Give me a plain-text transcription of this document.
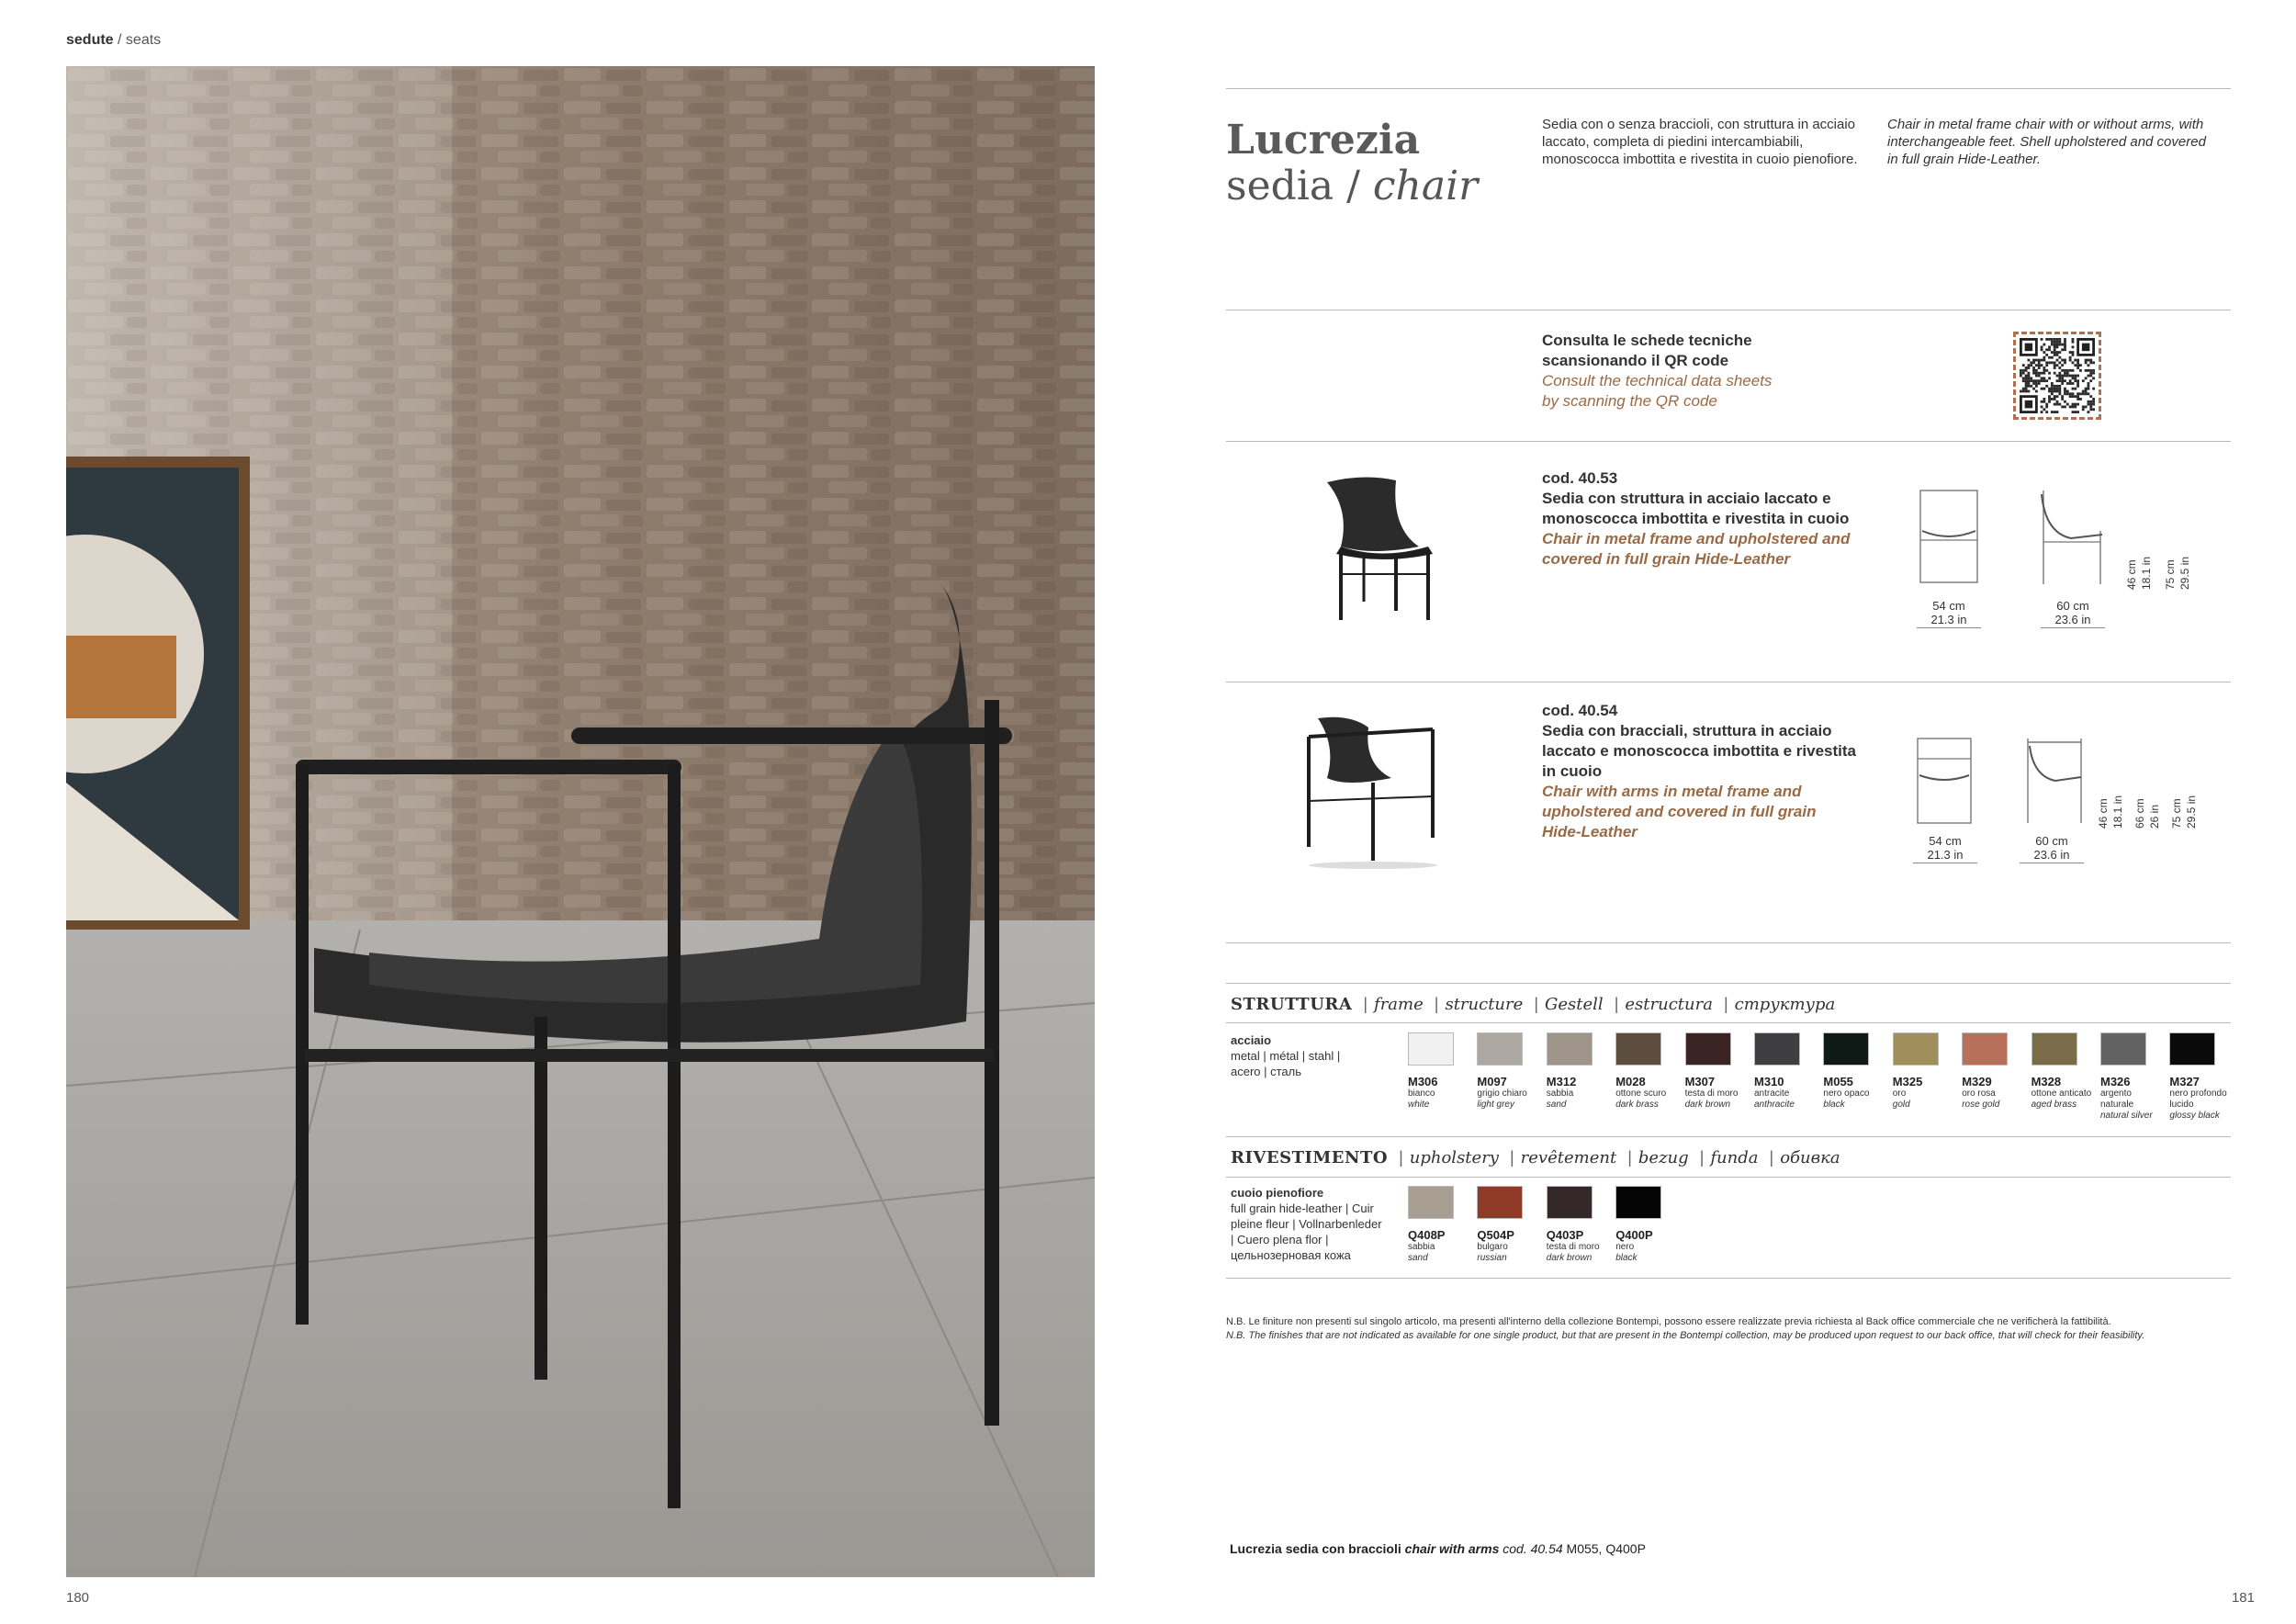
sedute / seats
Lucrezia
sedia / chair
Sedia con o senza braccioli, con struttura in acciaio laccato, completa di piedini intercambiabili, monoscocca imbottita e rivestita in cuoio pienofiore.
Chair in metal frame chair with or without arms, with interchangeable feet. Shell upholstered and covered in full grain Hide-Leather.
Consulta le schede tecniche
scansionando il QR code
Consult the technical data sheets
by scanning the QR code
cod. 40.53
Sedia con struttura in acciaio laccato e
monoscocca imbottita e rivestita in cuoio
Chair in metal frame and upholstered and
covered in full grain Hide-Leather
54 cm
21.3 in
60 cm
23.6 in
46 cm 18.1 in 75 cm 29.5 in
cod. 40.54
Sedia con bracciali, struttura in acciaio
laccato e monoscocca imbottita e rivestita
in cuoio
Chair with arms in metal frame and
upholstered and covered in full grain
Hide-Leather
54 cm
21.3 in
60 cm
23.6 in
46 cm 18.1 in 66 cm 26 in 75 cm 29.5 in
STRUTTURA | frame | structure | Gestell | estructura | структура
acciaio
metal | métal | stahl |
acero | сталь
M306
bianco
white
M097
grigio chiaro
light grey
M312
sabbia
sand
M028
ottone scuro
dark brass
M307
testa di moro
dark brown
M310
antracite
anthracite
M055
nero opaco
black
M325
oro
gold
M329
oro rosa
rose gold
M328
ottone anticato
aged brass
M326
argento naturale
natural silver
M327
nero profondo lucido
glossy black
RIVESTIMENTO | upholstery | revêtement | bezug | funda | обивка
cuoio pienofiore
full grain hide-leather | Cuir
pleine fleur | Vollnarbenleder
| Cuero plena flor |
цельнозерновая кожа
Q408P
sabbia
sand
Q504P
bulgaro
russian
Q403P
testa di moro
dark brown
Q400P
nero
black
N.B. Le finiture non presenti sul singolo articolo, ma presenti all'interno della collezione Bontempi, possono essere realizzate previa richiesta al Back office commerciale che ne verificherà la fattibilità.
N.B. The finishes that are not indicated as available for one single product, but that are present in the Bontempi collection, may be produced upon request to our back office, that will check for their feasibility.
Lucrezia sedia con braccioli chair with arms cod. 40.54 M055, Q400P
180	181
